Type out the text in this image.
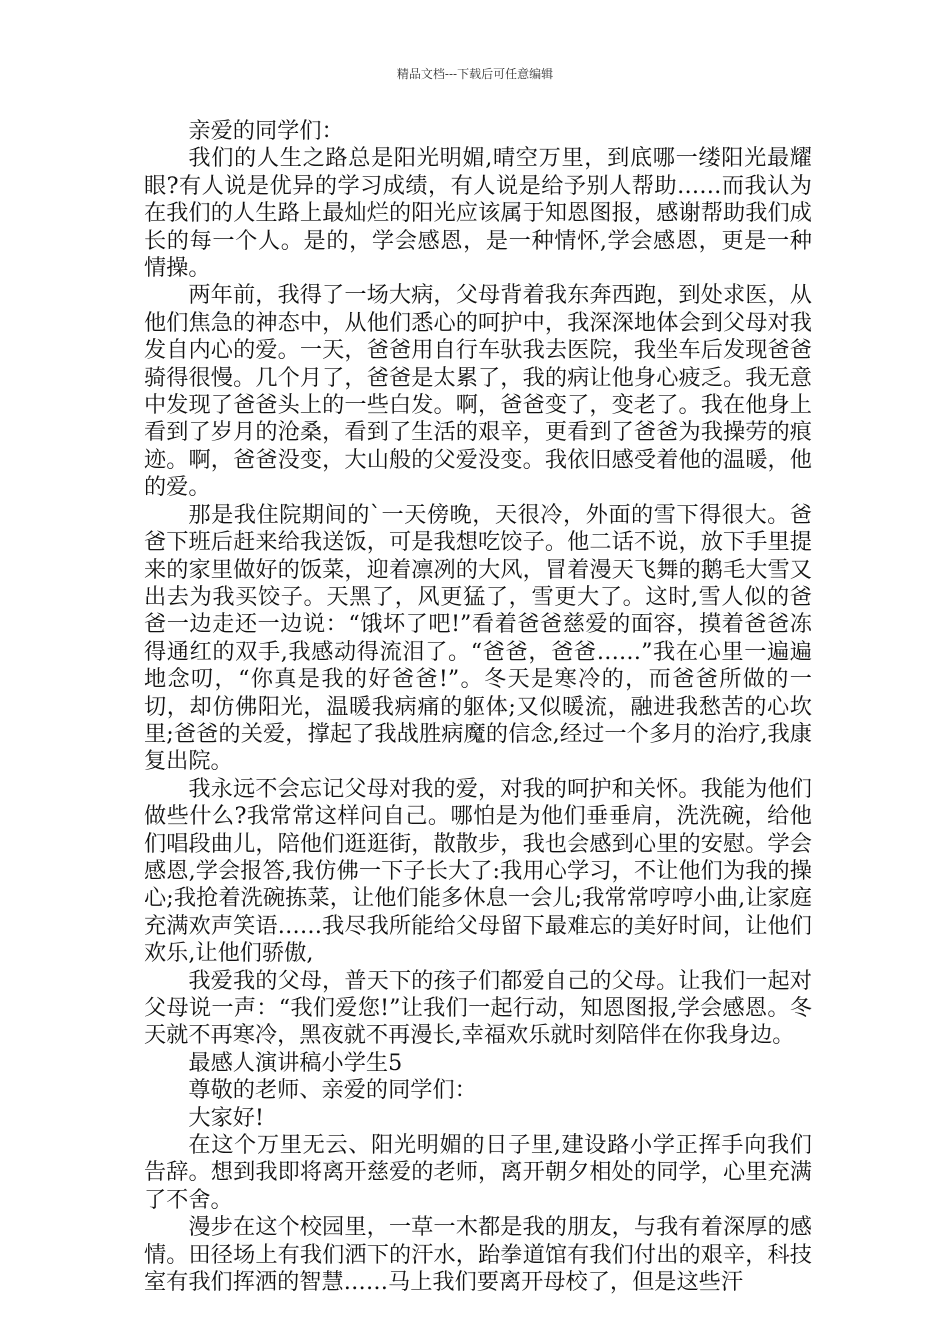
精品文档---下载后可任意编辑

亲爱的同学们：

我们的人生之路总是阳光明媚,晴空万里，到底哪一缕阳光最耀眼?有人说是优异的学习成绩，有人说是给予别人帮助……而我认为在我们的人生路上最灿烂的阳光应该属于知恩图报，感谢帮助我们成长的每一个人。是的，学会感恩，是一种情怀,学会感恩，更是一种情操。

两年前，我得了一场大病，父母背着我东奔西跑，到处求医，从他们焦急的神态中，从他们悉心的呵护中，我深深地体会到父母对我发自内心的爱。一天，爸爸用自行车驮我去医院，我坐车后发现爸爸骑得很慢。几个月了，爸爸是太累了，我的病让他身心疲乏。我无意中发现了爸爸头上的一些白发。啊，爸爸变了，变老了。我在他身上看到了岁月的沧桑，看到了生活的艰辛，更看到了爸爸为我操劳的痕迹。啊，爸爸没变，大山般的父爱没变。我依旧感受着他的温暖，他的爱。

那是我住院期间的`一天傍晚，天很冷，外面的雪下得很大。爸爸下班后赶来给我送饭，可是我想吃饺子。他二话不说，放下手里提来的家里做好的饭菜，迎着凛冽的大风，冒着漫天飞舞的鹅毛大雪又出去为我买饺子。天黑了，风更猛了，雪更大了。这时,雪人似的爸爸一边走还一边说：“饿坏了吧!”看着爸爸慈爱的面容，摸着爸爸冻得通红的双手,我感动得流泪了。“爸爸，爸爸……”我在心里一遍遍地念叨，“你真是我的好爸爸!”。冬天是寒冷的，而爸爸所做的一切，却仿佛阳光，温暖我病痛的躯体;又似暖流，融进我愁苦的心坎里;爸爸的关爱，撑起了我战胜病魔的信念,经过一个多月的治疗,我康复出院。

我永远不会忘记父母对我的爱，对我的呵护和关怀。我能为他们做些什么?我常常这样问自己。哪怕是为他们垂垂肩，洗洗碗，给他们唱段曲儿，陪他们逛逛街，散散步，我也会感到心里的安慰。学会感恩,学会报答,我仿佛一下子长大了:我用心学习，不让他们为我的操心;我抢着洗碗拣菜，让他们能多休息一会儿;我常常哼哼小曲,让家庭充满欢声笑语……我尽我所能给父母留下最难忘的美好时间，让他们欢乐,让他们骄傲,

我爱我的父母，普天下的孩子们都爱自己的父母。让我们一起对父母说一声：“我们爱您!”让我们一起行动，知恩图报,学会感恩。冬天就不再寒冷，黑夜就不再漫长,幸福欢乐就时刻陪伴在你我身边。

最感人演讲稿小学生5

尊敬的老师、亲爱的同学们：

大家好!

在这个万里无云、阳光明媚的日子里,建设路小学正挥手向我们告辞。想到我即将离开慈爱的老师，离开朝夕相处的同学，心里充满了不舍。

漫步在这个校园里，一草一木都是我的朋友，与我有着深厚的感情。田径场上有我们洒下的汗水，跆拳道馆有我们付出的艰辛，科技室有我们挥洒的智慧……马上我们要离开母校了，但是这些汗
